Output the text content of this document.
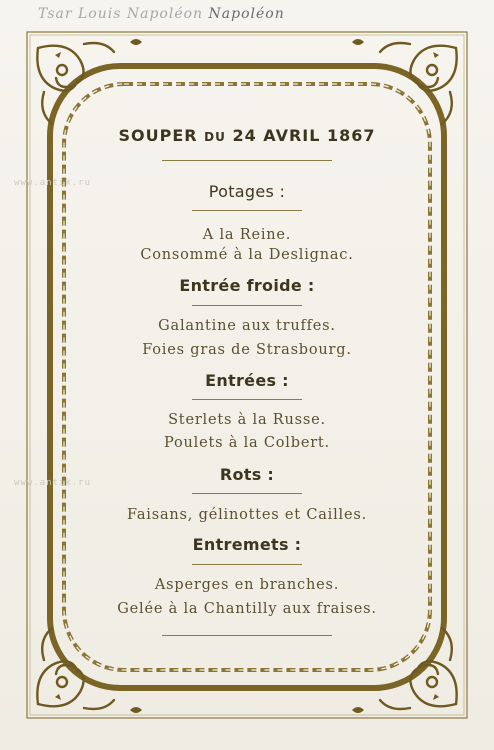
Tsar Louis Napoléon Napoléon
www.antik.ru
www.antik.ru
SOUPER DU 24 AVRIL 1867
Potages :
A la Reine.
Consommé à la Deslignac.
Entrée froide :
Galantine aux truffes.
Foies gras de Strasbourg.
Entrées :
Sterlets à la Russe.
Poulets à la Colbert.
Rots :
Faisans, gélinottes et Cailles.
Entremets :
Asperges en branches.
Gelée à la Chantilly aux fraises.
